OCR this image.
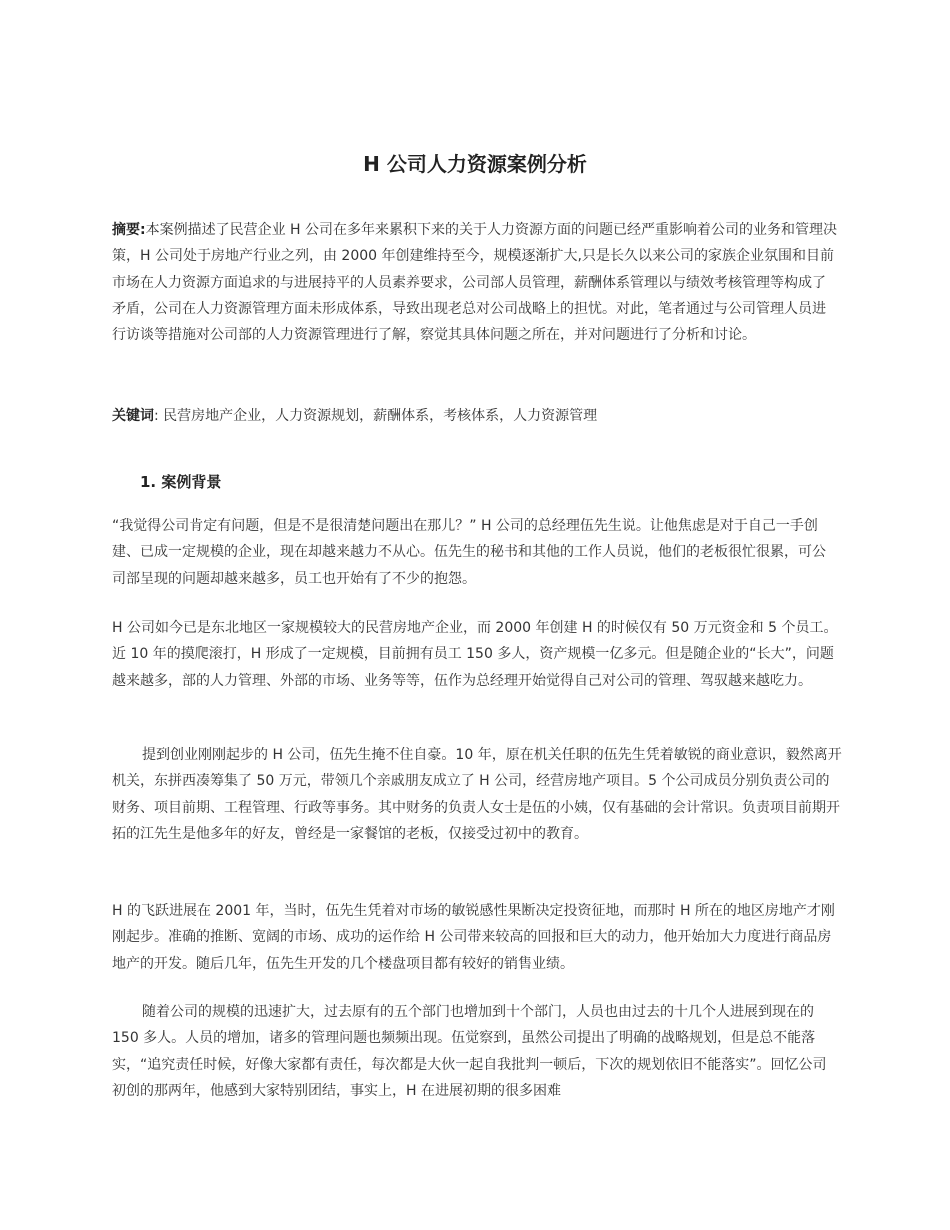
H 公司人力资源案例分析

摘要:本案例描述了民营企业 H 公司在多年来累积下来的关于人力资源方面的问题已经严重影响着公司的业务和管理决策，H 公司处于房地产行业之列，由 2000 年创建维持至今，规模逐渐扩大,只是长久以来公司的家族企业氛围和目前市场在人力资源方面追求的与进展持平的人员素养要求，公司部人员管理，薪酬体系管理以与绩效考核管理等构成了矛盾，公司在人力资源管理方面未形成体系，导致出现老总对公司战略上的担忧。对此，笔者通过与公司管理人员进行访谈等措施对公司部的人力资源管理进行了解，察觉其具体问题之所在，并对问题进行了分析和讨论。

关键词: 民营房地产企业，人力资源规划，薪酬体系，考核体系，人力资源管理

1. 案例背景

“我觉得公司肯定有问题，但是不是很清楚问题出在那儿？” H 公司的总经理伍先生说。让他焦虑是对于自己一手创建、已成一定规模的企业，现在却越来越力不从心。伍先生的秘书和其他的工作人员说，他们的老板很忙很累，可公司部呈现的问题却越来越多，员工也开始有了不少的抱怨。

H 公司如今已是东北地区一家规模较大的民营房地产企业，而 2000 年创建 H 的时候仅有 50 万元资金和 5 个员工。近 10 年的摸爬滚打，H 形成了一定规模，目前拥有员工 150 多人，资产规模一亿多元。但是随企业的“长大”，问题越来越多，部的人力管理、外部的市场、业务等等，伍作为总经理开始觉得自己对公司的管理、驾驭越来越吃力。

提到创业刚刚起步的 H 公司，伍先生掩不住自豪。10 年，原在机关任职的伍先生凭着敏锐的商业意识，毅然离开机关，东拼西凑筹集了 50 万元，带领几个亲戚朋友成立了 H 公司，经营房地产项目。5 个公司成员分别负责公司的财务、项目前期、工程管理、行政等事务。其中财务的负责人女士是伍的小姨，仅有基础的会计常识。负责项目前期开拓的江先生是他多年的好友，曾经是一家餐馆的老板，仅接受过初中的教育。

H 的飞跃进展在 2001 年，当时，伍先生凭着对市场的敏锐感性果断决定投资征地，而那时 H 所在的地区房地产才刚刚起步。准确的推断、宽阔的市场、成功的运作给 H 公司带来较高的回报和巨大的动力，他开始加大力度进行商品房地产的开发。随后几年，伍先生开发的几个楼盘项目都有较好的销售业绩。

随着公司的规模的迅速扩大，过去原有的五个部门也增加到十个部门，人员也由过去的十几个人进展到现在的 150 多人。人员的增加，诸多的管理问题也频频出现。伍觉察到，虽然公司提出了明确的战略规划，但是总不能落实，“追究责任时候，好像大家都有责任，每次都是大伙一起自我批判一顿后，下次的规划依旧不能落实”。回忆公司初创的那两年，他感到大家特别团结，事实上，H 在进展初期的很多困难
